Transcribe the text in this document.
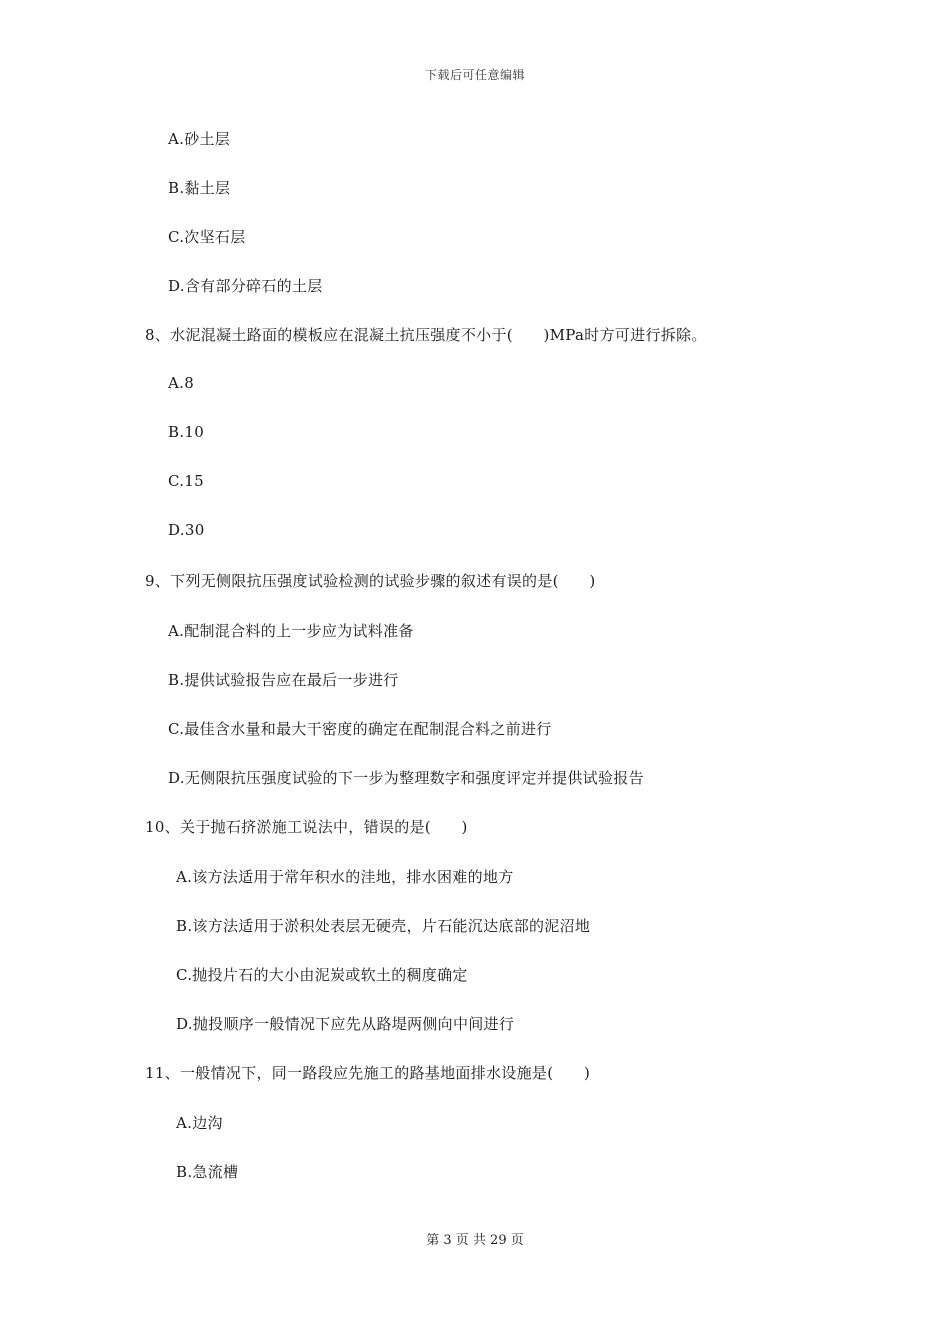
下载后可任意编辑
A.砂土层
B.黏土层
C.次坚石层
D.含有部分碎石的土层
8、水泥混凝土路面的模板应在混凝土抗压强度不小于(　　)MPa时方可进行拆除。
A.8
B.10
C.15
D.30
9、下列无侧限抗压强度试验检测的试验步骤的叙述有误的是(　　)
A.配制混合料的上一步应为试料准备
B.提供试验报告应在最后一步进行
C.最佳含水量和最大干密度的确定在配制混合料之前进行
D.无侧限抗压强度试验的下一步为整理数字和强度评定并提供试验报告
10、关于抛石挤淤施工说法中，错误的是(　　)
A.该方法适用于常年积水的洼地，排水困难的地方
B.该方法适用于淤积处表层无硬壳，片石能沉达底部的泥沼地
C.抛投片石的大小由泥炭或软土的稠度确定
D.抛投顺序一般情况下应先从路堤两侧向中间进行
11、一般情况下，同一路段应先施工的路基地面排水设施是(　　)
A.边沟
B.急流槽
第 3 页 共 29 页
